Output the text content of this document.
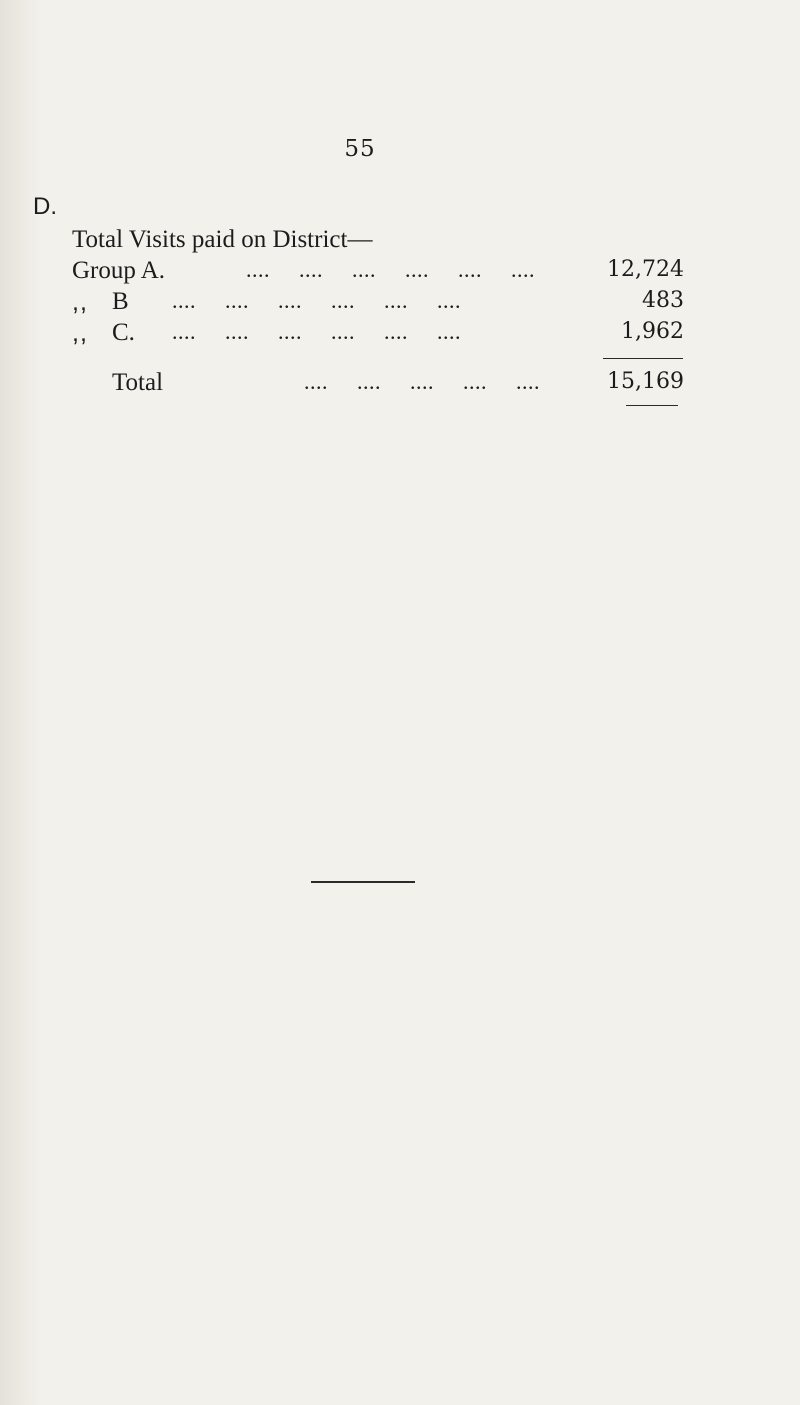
55
D.
Total Visits paid on District—
Group A.	.... .... .... .... .... ....	12,724
,, B .... .... .... .... .... ....	483
,, C. .... .... .... .... .... ....	1,962
Total	.... .... .... .... ....	15,169
